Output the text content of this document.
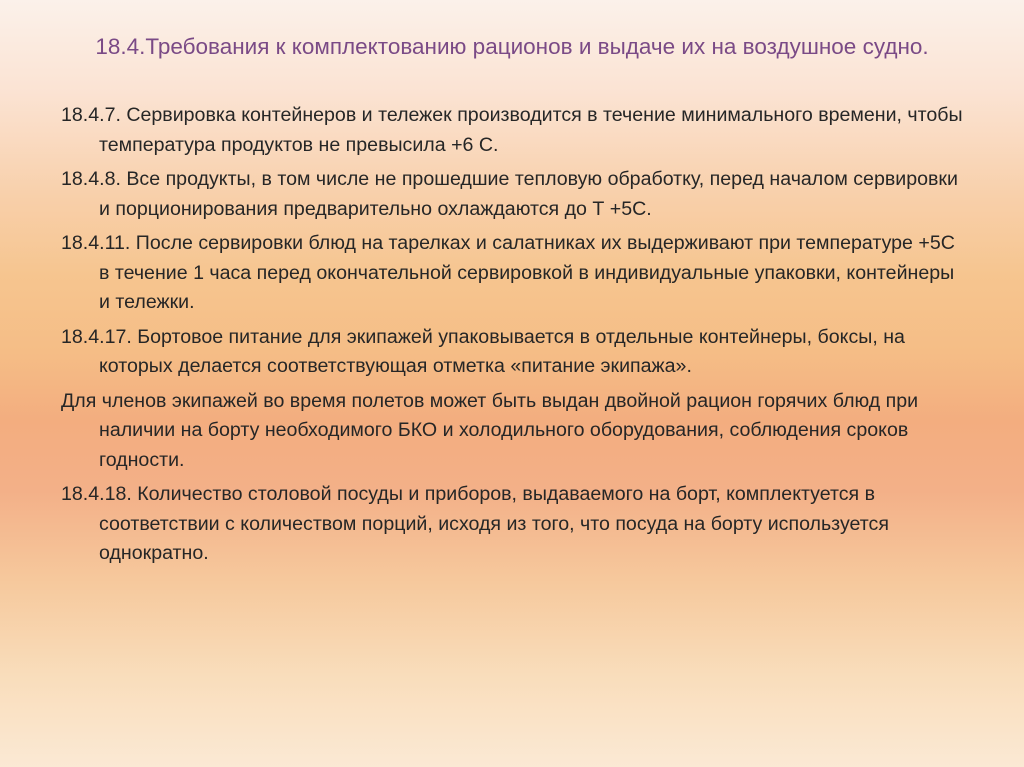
18.4.Требования к комплектованию рационов и выдаче их на воздушное судно.

18.4.7. Сервировка контейнеров и тележек производится в течение минимального времени, чтобы температура продуктов не превысила +6 С.

18.4.8. Все продукты, в том числе не прошедшие тепловую обработку, перед началом сервировки и порционирования предварительно охлаждаются до Т +5С.

18.4.11. После сервировки блюд на тарелках и салатниках их выдерживают при температуре +5С в течение 1 часа перед окончательной сервировкой в индивидуальные упаковки, контейнеры и тележки.

18.4.17. Бортовое питание для экипажей упаковывается в отдельные контейнеры, боксы, на которых делается соответствующая отметка «питание экипажа».

Для членов экипажей во время полетов может быть выдан двойной рацион горячих блюд при наличии на борту необходимого БКО и холодильного оборудования, соблюдения сроков годности.

18.4.18. Количество столовой посуды и приборов, выдаваемого на борт, комплектуется в соответствии с количеством порций, исходя из того, что посуда на борту используется однократно.
